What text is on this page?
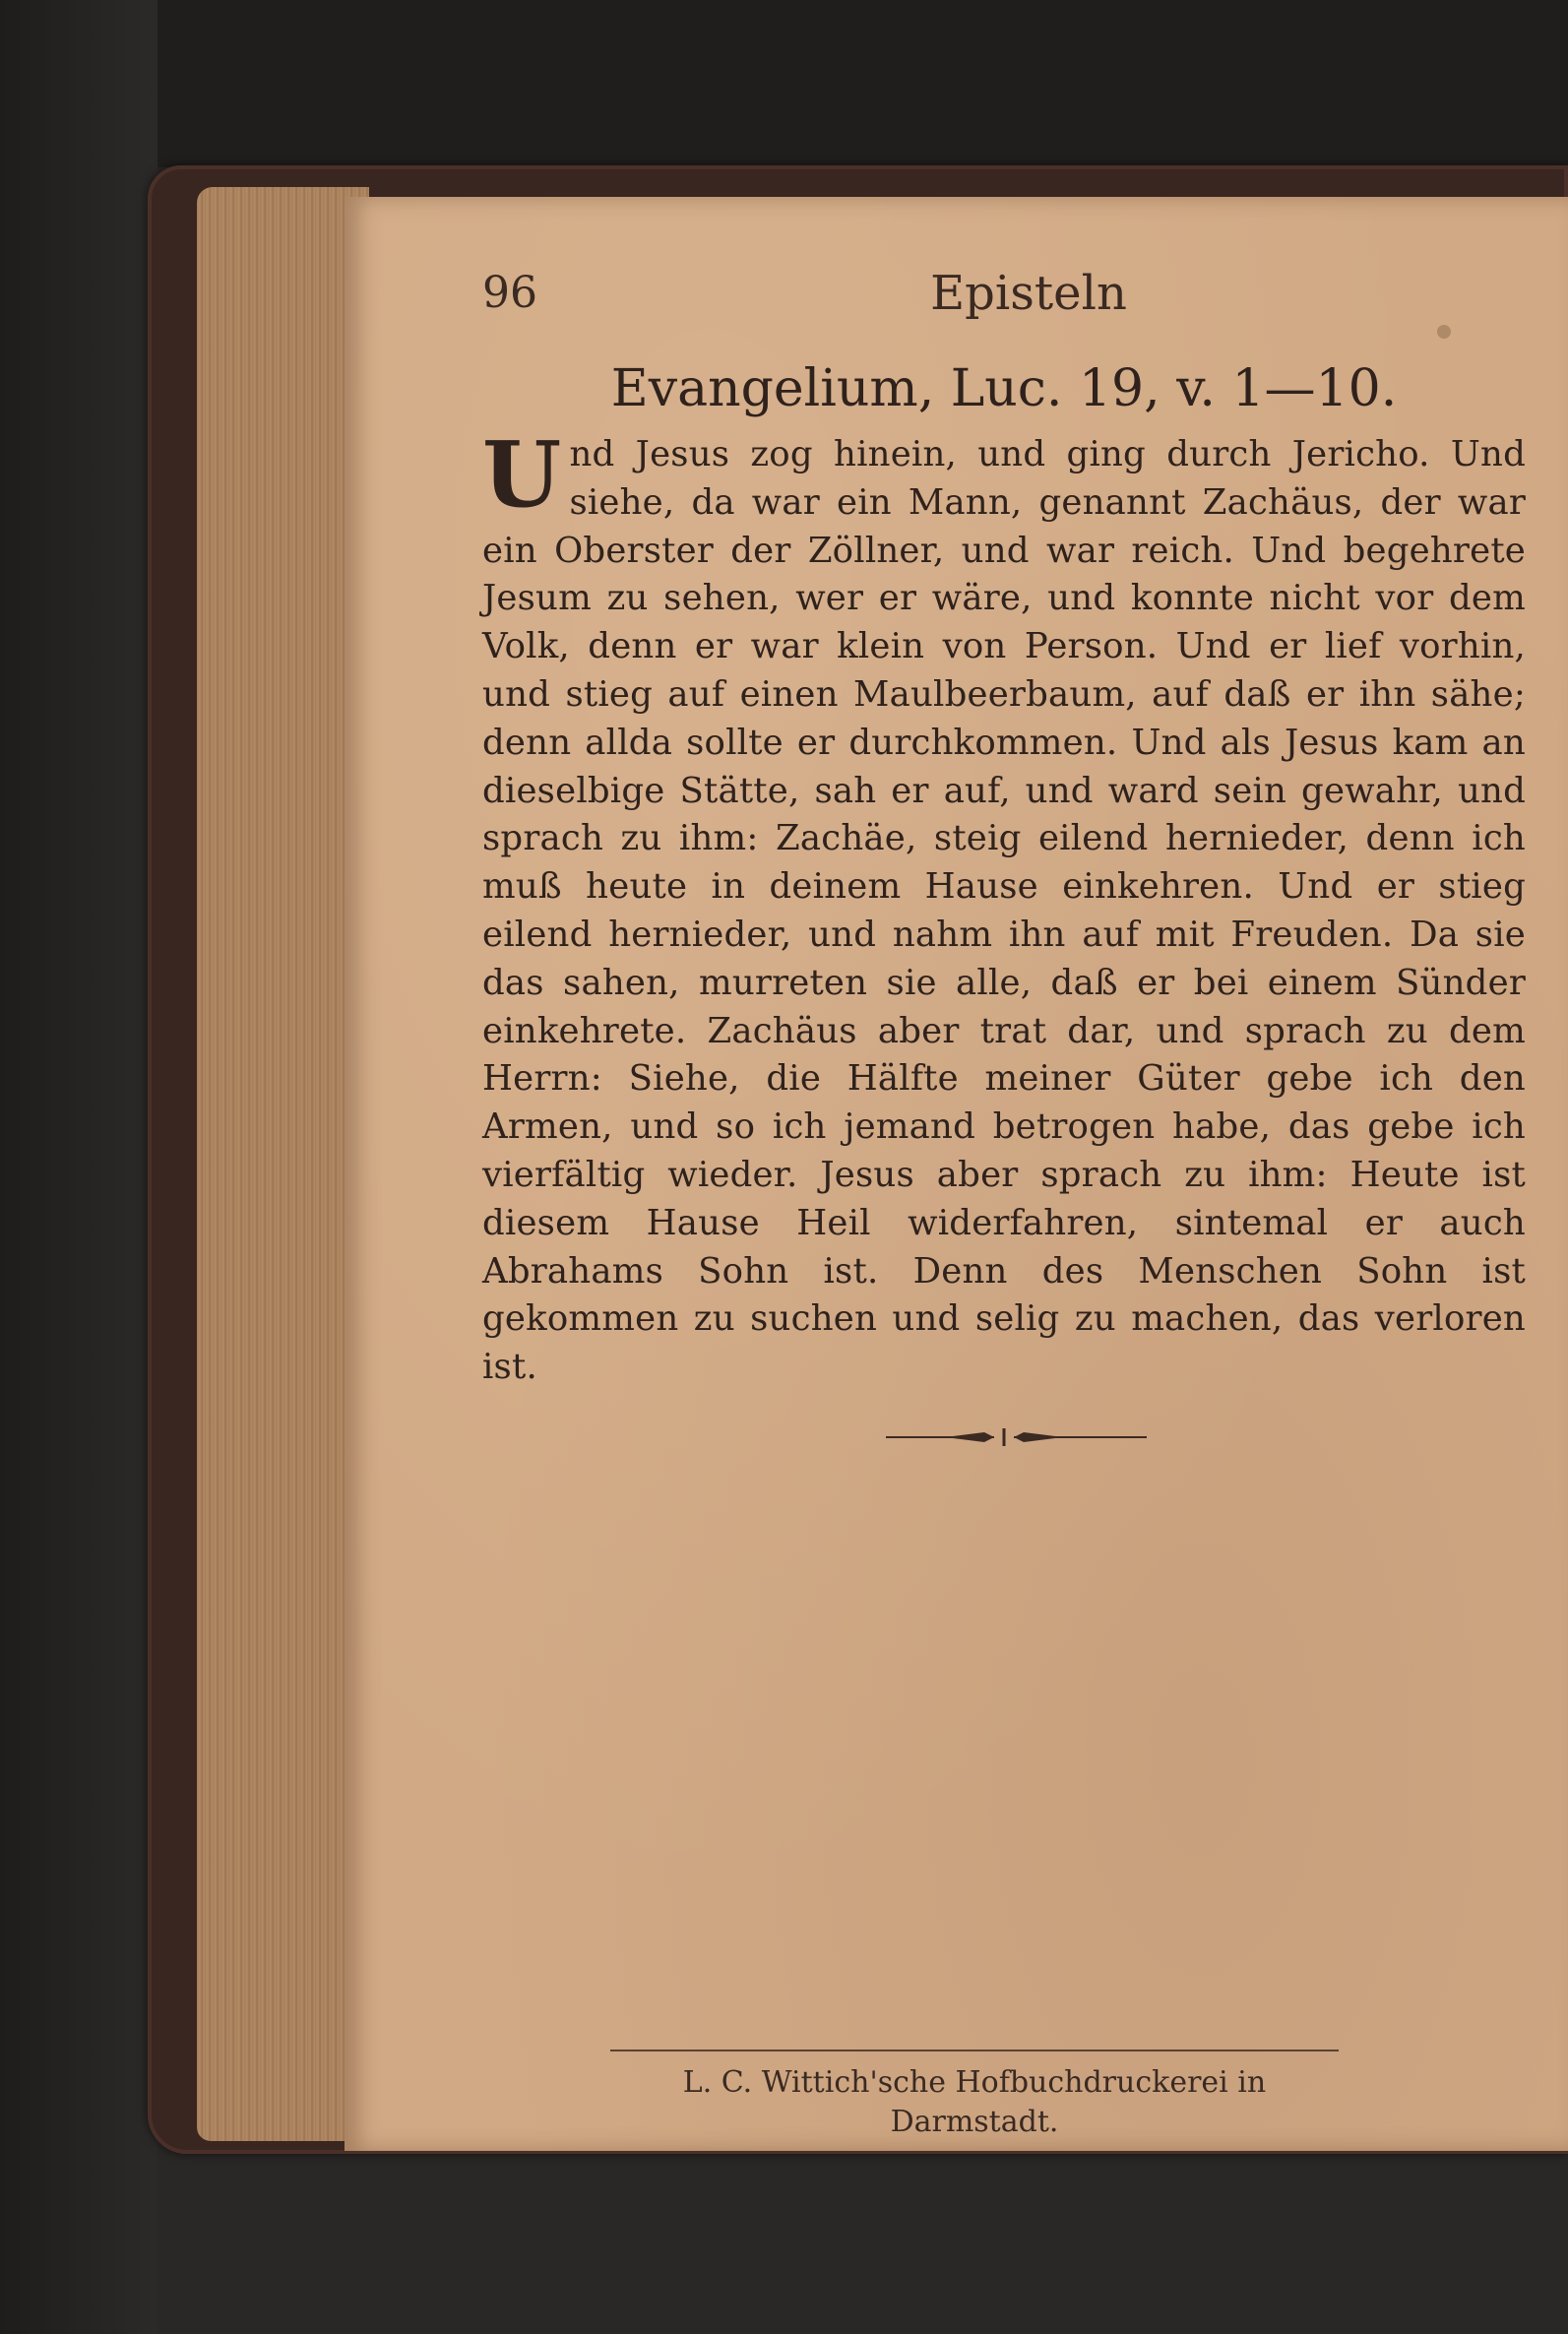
96	Episteln
Evangelium, Luc. 19, v. 1—10.
Und Jesus zog hinein, und ging durch Jericho. Und siehe, da war ein Mann, genannt Zachäus, der war ein Oberster der Zöllner, und war reich. Und begehrete Jesum zu sehen, wer er wäre, und konnte nicht vor dem Volk, denn er war klein von Person. Und er lief vorhin, und stieg auf einen Maulbeerbaum, auf daß er ihn sähe; denn allda sollte er durchkommen. Und als Jesus kam an dieselbige Stätte, sah er auf, und ward sein gewahr, und sprach zu ihm: Zachäe, steig eilend hernieder, denn ich muß heute in deinem Hause einkehren. Und er stieg eilend hernieder, und nahm ihn auf mit Freuden. Da sie das sahen, murreten sie alle, daß er bei einem Sünder einkehrete. Zachäus aber trat dar, und sprach zu dem Herrn: Siehe, die Hälfte meiner Güter gebe ich den Armen, und so ich jemand betrogen habe, das gebe ich vierfältig wieder. Jesus aber sprach zu ihm: Heute ist diesem Hause Heil widerfahren, sintemal er auch Abrahams Sohn ist. Denn des Menschen Sohn ist gekommen zu suchen und selig zu machen, das verloren ist.
L. C. Wittich'sche Hofbuchdruckerei in Darmstadt.
